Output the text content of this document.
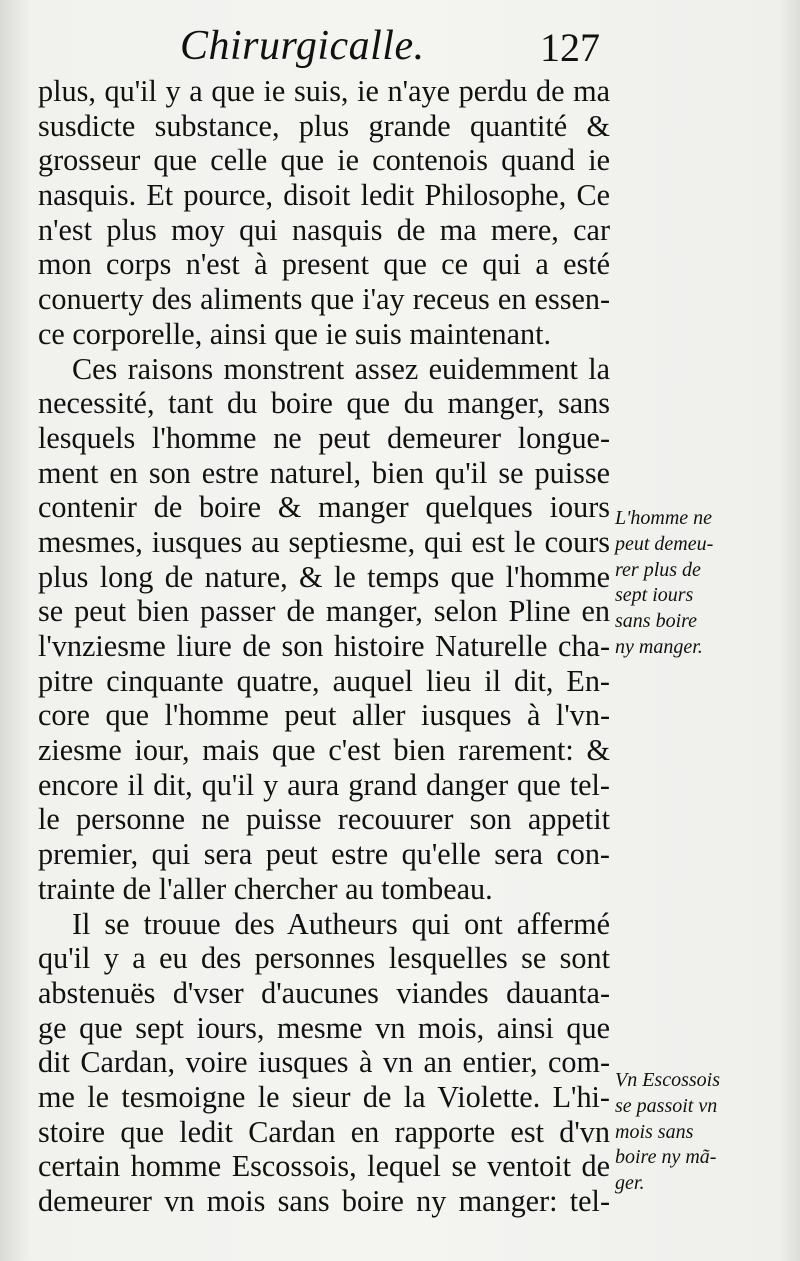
Chirurgicalle.	127
plus, qu'il y a que ie suis, ie n'aye perdu de ma
susdicte substance, plus grande quantité &
grosseur que celle que ie contenois quand ie
nasquis. Et pource, disoit ledit Philosophe, Ce
n'est plus moy qui nasquis de ma mere, car
mon corps n'est à present que ce qui a esté
conuerty des aliments que i'ay receus en essen-
ce corporelle, ainsi que ie suis maintenant.
Ces raisons monstrent assez euidemment la
necessité, tant du boire que du manger, sans
lesquels l'homme ne peut demeurer longue-
ment en son estre naturel, bien qu'il se puisse
contenir de boire & manger quelques iours
mesmes, iusques au septiesme, qui est le cours
plus long de nature, & le temps que l'homme
se peut bien passer de manger, selon Pline en
l'vnziesme liure de son histoire Naturelle cha-
pitre cinquante quatre, auquel lieu il dit, En-
core que l'homme peut aller iusques à l'vn-
ziesme iour, mais que c'est bien rarement: &
encore il dit, qu'il y aura grand danger que tel-
le personne ne puisse recouurer son appetit
premier, qui sera peut estre qu'elle sera con-
trainte de l'aller chercher au tombeau.
Il se trouue des Autheurs qui ont affermé
qu'il y a eu des personnes lesquelles se sont
abstenuës d'vser d'aucunes viandes dauanta-
ge que sept iours, mesme vn mois, ainsi que
dit Cardan, voire iusques à vn an entier, com-
me le tesmoigne le sieur de la Violette. L'hi-
stoire que ledit Cardan en rapporte est d'vn
certain homme Escossois, lequel se ventoit de
demeurer vn mois sans boire ny manger: tel-
L'homme ne
peut demeu-
rer plus de
sept iours
sans boire
ny manger.
Vn Escossois
se passoit vn
mois sans
boire ny mã-
ger.
